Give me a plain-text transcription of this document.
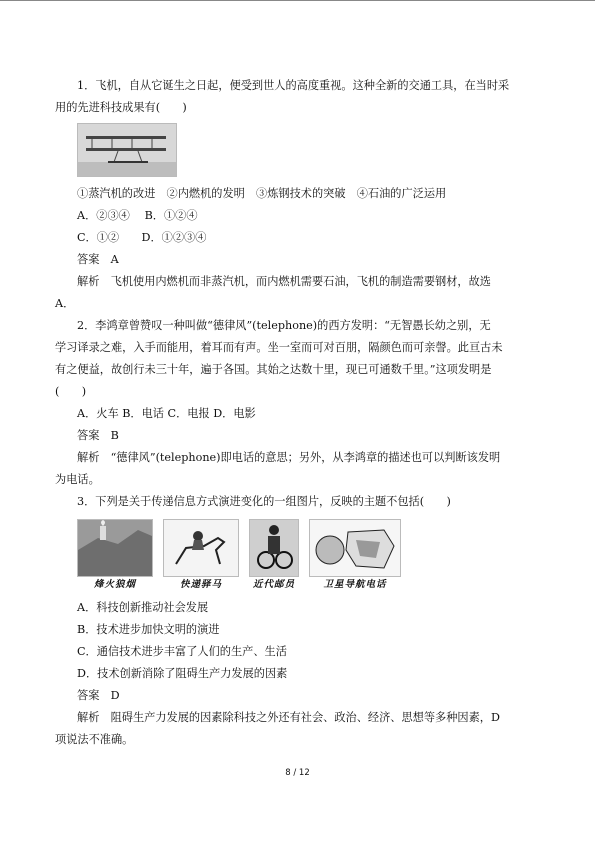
1．飞机，自从它诞生之日起，便受到世人的高度重视。这种全新的交通工具，在当时采
用的先进科技成果有(　　)
①蒸汽机的改进　②内燃机的发明　③炼钢技术的突破　④石油的广泛运用
A．②③④　 B．①②④
C．①②　　D．①②③④
答案　A
解析　飞机使用内燃机而非蒸汽机，而内燃机需要石油，飞机的制造需要钢材，故选
A．
2．李鸿章曾赞叹一种叫做“德律风”(telephone)的西方发明：“无智愚长幼之别，无
学习译录之难，入手而能用，着耳而有声。坐一室而可对百朋，隔颜色而可亲謦。此亘古未
有之便益，故创行未三十年，遍于各国。其始之达数十里，现已可通数千里。”这项发明是
(　　)
A．火车 B．电话 C．电报 D．电影
答案　B
解析　“德律风”(telephone)即电话的意思；另外，从李鸿章的描述也可以判断该发明
为电话。
3．下列是关于传递信息方式演进变化的一组图片，反映的主题不包括(　　)
烽火狼烟	快递驿马	近代邮员	卫星导航电话
A．科技创新推动社会发展
B．技术进步加快文明的演进
C．通信技术进步丰富了人们的生产、生活
D．技术创新消除了阻碍生产力发展的因素
答案　D
解析　阻碍生产力发展的因素除科技之外还有社会、政治、经济、思想等多种因素，D
项说法不准确。
8 / 12
